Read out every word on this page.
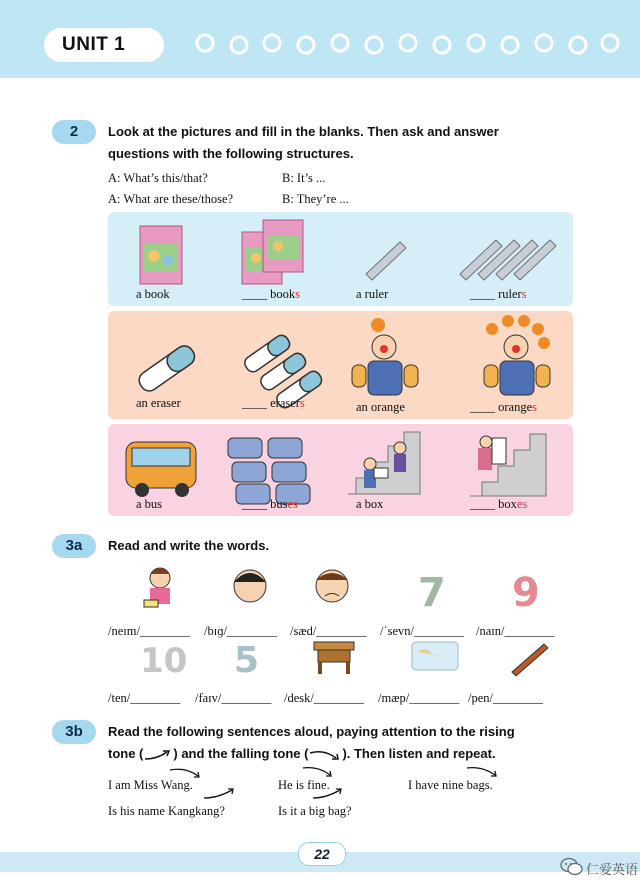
UNIT 1
2	Look at the pictures and fill in the blanks. Then ask and answer
questions with the following structures.
A: What’s this/that?	B: It’s ...
A: What are these/those?	B: They’re ...
a book	____ books	a ruler	____ rulers
an eraser	____ erasers	an orange	____ oranges
a bus	____ buses	a box	____ boxes
3a	Read and write the words.
7 9
10 5
/neɪm/________ /bɪɡ/________ /sæd/________ /ˈsevn/________ /naɪn/________
/ten/________ /faɪv/________ /desk/________ /mæp/________ /pen/________
3b	Read the following sentences aloud, paying attention to the rising
tone ( ) and the falling tone (	). Then listen and repeat.
I am Miss Wang.	He is fine.	I have nine bags.
Is his name Kangkang?	Is it a big bag?
22
仁爱英语
